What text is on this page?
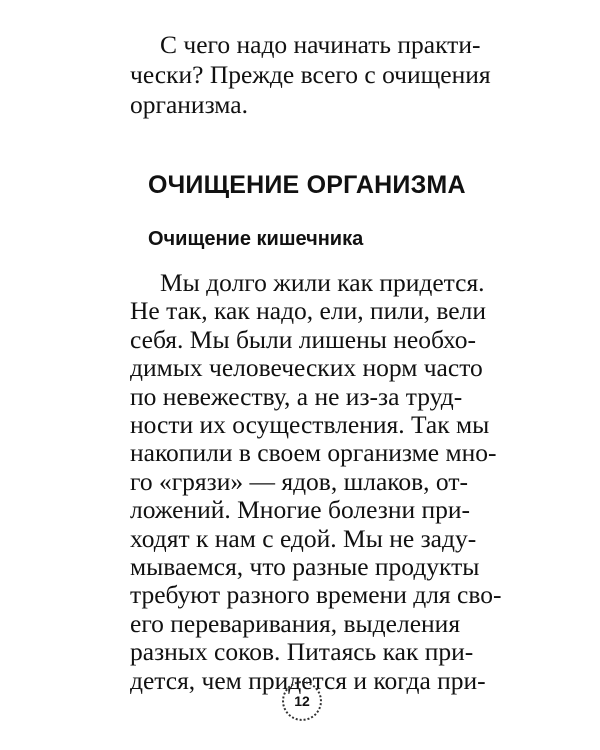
С чего надо начинать практи-
чески? Прежде всего с очищения
организма.
ОЧИЩЕНИЕ ОРГАНИЗМА
Очищение кишечника
Мы долго жили как придется.
Не так, как надо, ели, пили, вели
себя. Мы были лишены необхо-
димых человеческих норм часто
по невежеству, а не из-за труд-
ности их осуществления. Так мы
накопили в своем организме мно-
го «грязи» — ядов, шлаков, от-
ложений. Многие болезни при-
ходят к нам с едой. Мы не заду-
мываемся, что разные продукты
требуют разного времени для сво-
его переваривания, выделения
разных соков. Питаясь как при-
дется, чем придется и когда при-
12
